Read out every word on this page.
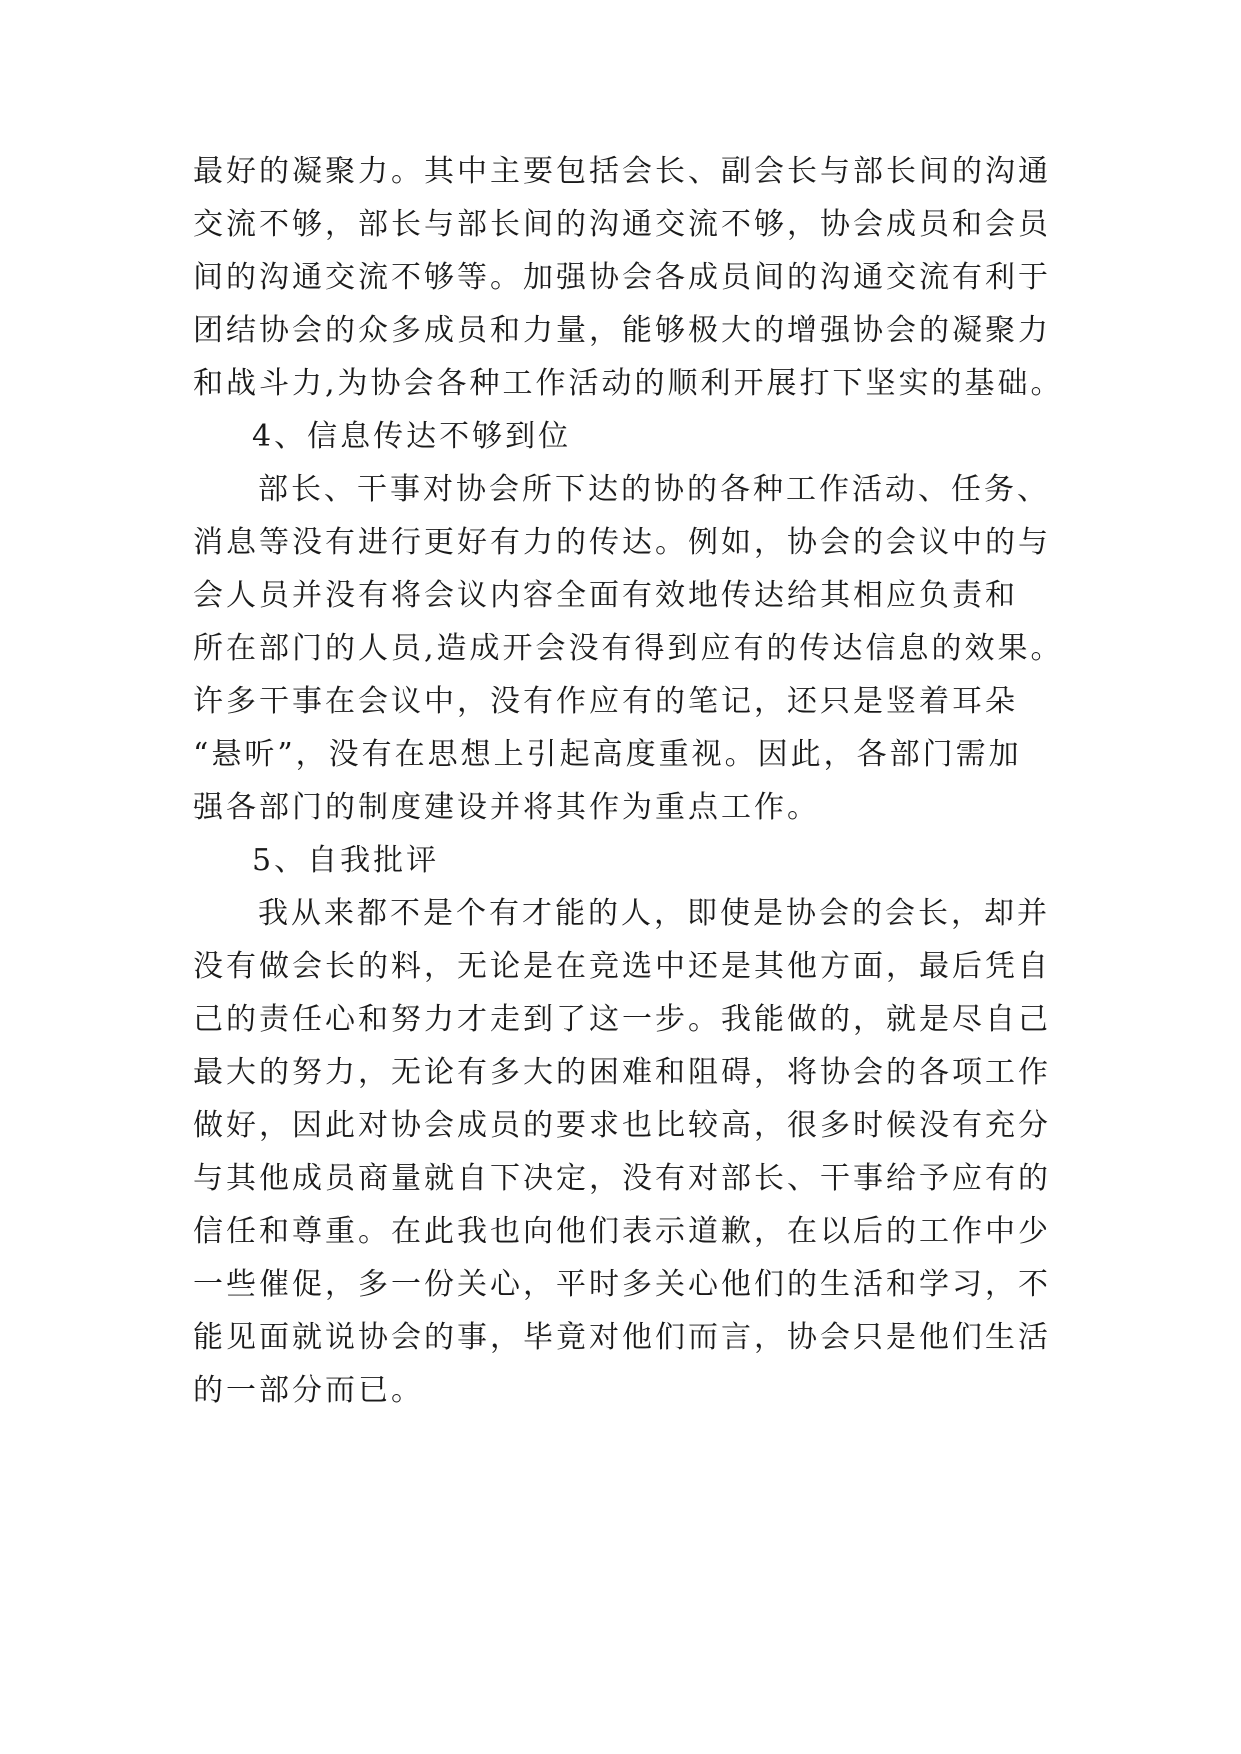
最好的凝聚力。其中主要包括会长、副会长与部长间的沟通

交流不够，部长与部长间的沟通交流不够，协会成员和会员

间的沟通交流不够等。加强协会各成员间的沟通交流有利于

团结协会的众多成员和力量，能够极大的增强协会的凝聚力

和战斗力,为协会各种工作活动的顺利开展打下坚实的基础。

4、信息传达不够到位

部长、干事对协会所下达的协的各种工作活动、任务、

消息等没有进行更好有力的传达。例如，协会的会议中的与

会人员并没有将会议内容全面有效地传达给其相应负责和

所在部门的人员,造成开会没有得到应有的传达信息的效果。

许多干事在会议中，没有作应有的笔记，还只是竖着耳朵

“悬听”，没有在思想上引起高度重视。因此，各部门需加

强各部门的制度建设并将其作为重点工作。

5、自我批评

我从来都不是个有才能的人，即使是协会的会长，却并

没有做会长的料，无论是在竞选中还是其他方面，最后凭自

己的责任心和努力才走到了这一步。我能做的，就是尽自己

最大的努力，无论有多大的困难和阻碍，将协会的各项工作

做好，因此对协会成员的要求也比较高，很多时候没有充分

与其他成员商量就自下决定，没有对部长、干事给予应有的

信任和尊重。在此我也向他们表示道歉，在以后的工作中少

一些催促，多一份关心，平时多关心他们的生活和学习，不

能见面就说协会的事，毕竟对他们而言，协会只是他们生活

的一部分而已。
